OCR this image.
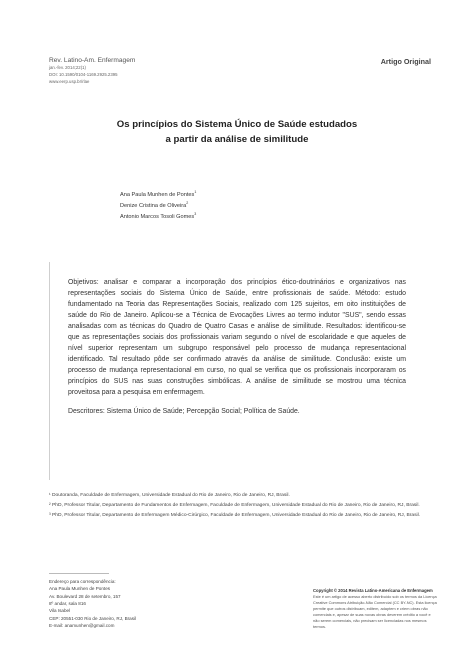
Rev. Latino-Am. Enfermagem
jan.-fev. 2014;22(1)
DOI: 10.1590/0104-1169.2925.2395
www.eerp.usp.br/rlae
Artigo Original
Os princípios do Sistema Único de Saúde estudados
a partir da análise de similitude
Ana Paula Munhen de Pontes$^1$
Denize Cristina de Oliveira$^2$
Antonio Marcos Tosoli Gomes$^3$

Objetivos: analisar e comparar a incorporação dos princípios ético-doutrinários e organizativos nas representações sociais do Sistema Único de Saúde, entre profissionais de saúde. Método: estudo fundamentado na Teoria das Representações Sociais, realizado com 125 sujeitos, em oito instituições de saúde do Rio de Janeiro. Aplicou-se a Técnica de Evocações Livres ao termo indutor "SUS", sendo essas analisadas com as técnicas do Quadro de Quatro Casas e análise de similitude. Resultados: identificou-se que as representações sociais dos profissionais variam segundo o nível de escolaridade e que aqueles de nível superior representam um subgrupo responsável pelo processo de mudança representacional identificado. Tal resultado pôde ser confirmado através da análise de similitude. Conclusão: existe um processo de mudança representacional em curso, no qual se verifica que os profissionais incorporaram os princípios do SUS nas suas construções simbólicas. A análise de similitude se mostrou uma técnica proveitosa para a pesquisa em enfermagem.

Descritores: Sistema Único de Saúde; Percepção Social; Política de Saúde.

¹ Doutoranda, Faculdade de Enfermagem, Universidade Estadual do Rio de Janeiro, Rio de Janeiro, RJ, Brasil.

² PhD, Professor Titular, Departamento de Fundamentos de Enfermagem, Faculdade de Enfermagem, Universidade Estadual do Rio de Janeiro, Rio de Janeiro, RJ, Brasil.

³ PhD, Professor Titular, Departamento de Enfermagem Médico-Cirúrgico, Faculdade de Enfermagem, Universidade Estadual do Rio de Janeiro, Rio de Janeiro, RJ, Brasil.

Endereço para correspondência:
Ana Paula Munhen de Pontes
Av. Boulevard 28 de setembro, 157
8º andar, sala 816
Vila Isabel
CEP: 20551-030 Rio de Janeiro, RJ, Brasil
E-mail: anamunhen@gmail.com
Copyright © 2014 Revista Latino-Americana de Enfermagem
Este é um artigo de acesso aberto distribuído sob os termos da Licença Creative Commons Atribuição-Não Comercial (CC BY-NC). Esta licença permite que outros distribuam, editem, adaptem e criem obras não comerciais e, apesar de suas novas obras deverem crédito a você e não serem comerciais, não precisam ser licenciadas nos mesmos termos.
